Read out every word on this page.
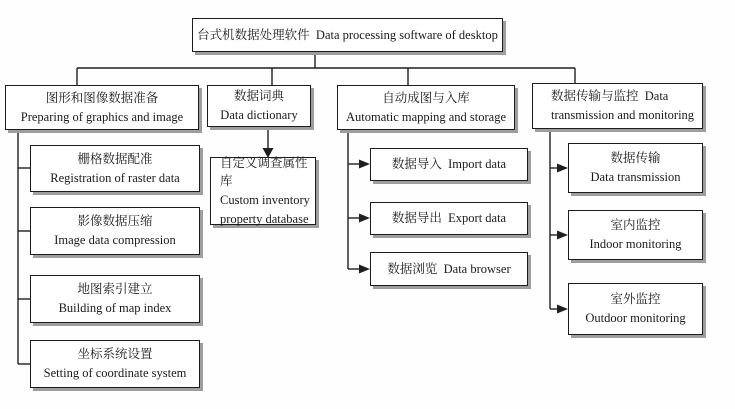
台式机数据处理软件  Data processing software of desktop
图形和图像数据准备
Preparing of graphics and image
数据词典
Data dictionary
自动成图与入库
Automatic mapping and storage
数据传输与监控  Data
transmission and monitoring
栅格数据配准
Registration of raster data
影像数据压缩
Image data compression
地图索引建立
Building of map index
坐标系统设置
Setting of coordinate system
自定义调查属性库
Custom inventory
property database
数据导入  Import data
数据导出  Export data
数据浏览  Data browser
数据传输
Data transmission
室内监控
Indoor monitoring
室外监控
Outdoor monitoring
